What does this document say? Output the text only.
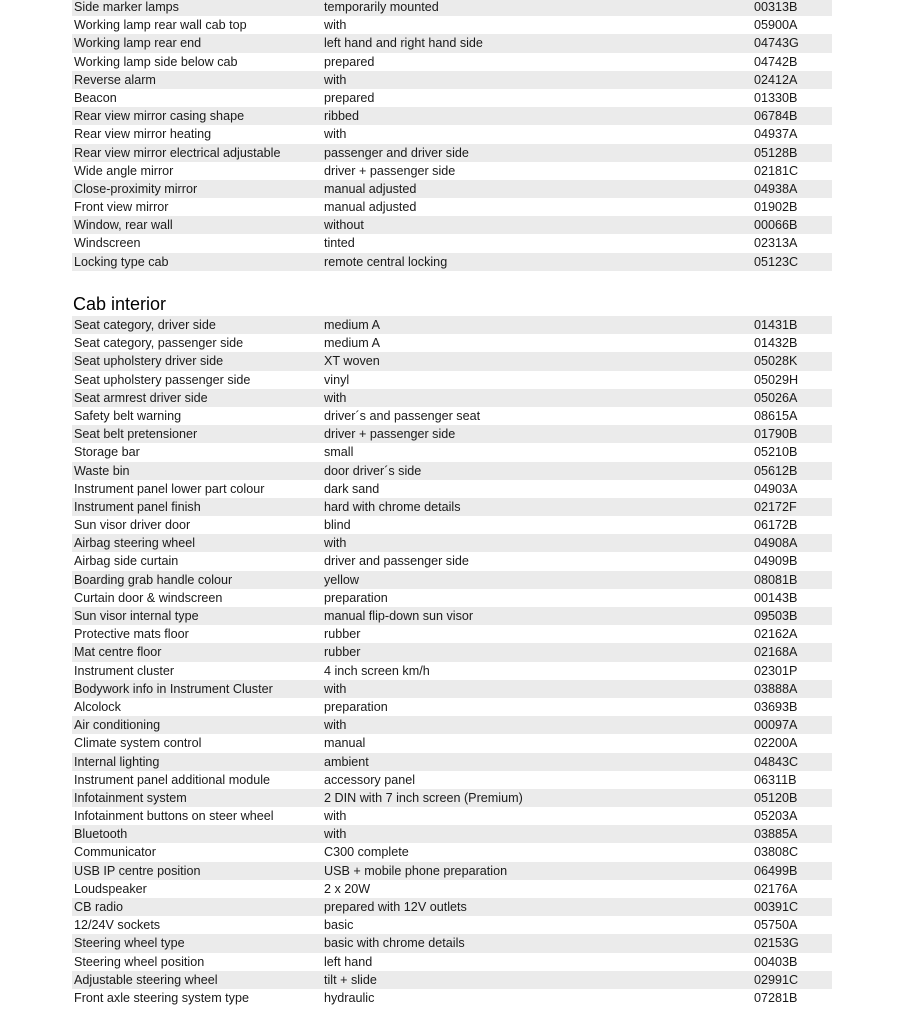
Side marker lamps	temporarily mounted	00313B
Working lamp rear wall cab top	with	05900A
Working lamp rear end	left hand and right hand side	04743G
Working lamp side below cab	prepared	04742B
Reverse alarm	with	02412A
Beacon	prepared	01330B
Rear view mirror casing shape	ribbed	06784B
Rear view mirror heating	with	04937A
Rear view mirror electrical adjustable	passenger and driver side	05128B
Wide angle mirror	driver + passenger side	02181C
Close-proximity mirror	manual adjusted	04938A
Front view mirror	manual adjusted	01902B
Window, rear wall	without	00066B
Windscreen	tinted	02313A
Locking type cab	remote central locking	05123C
Cab interior
Seat category, driver side	medium A	01431B
Seat category, passenger side	medium A	01432B
Seat upholstery driver side	XT woven	05028K
Seat upholstery passenger side	vinyl	05029H
Seat armrest driver side	with	05026A
Safety belt warning	driver´s and passenger seat	08615A
Seat belt pretensioner	driver + passenger side	01790B
Storage bar	small	05210B
Waste bin	door driver´s side	05612B
Instrument panel lower part colour	dark sand	04903A
Instrument panel finish	hard with chrome details	02172F
Sun visor driver door	blind	06172B
Airbag steering wheel	with	04908A
Airbag side curtain	driver and passenger side	04909B
Boarding grab handle colour	yellow	08081B
Curtain door & windscreen	preparation	00143B
Sun visor internal type	manual flip-down sun visor	09503B
Protective mats floor	rubber	02162A
Mat centre floor	rubber	02168A
Instrument cluster	4 inch screen km/h	02301P
Bodywork info in Instrument Cluster	with	03888A
Alcolock	preparation	03693B
Air conditioning	with	00097A
Climate system control	manual	02200A
Internal lighting	ambient	04843C
Instrument panel additional module	accessory panel	06311B
Infotainment system	2 DIN with 7 inch screen (Premium)	05120B
Infotainment buttons on steer wheel	with	05203A
Bluetooth	with	03885A
Communicator	C300 complete	03808C
USB IP centre position	USB + mobile phone preparation	06499B
Loudspeaker	2 x 20W	02176A
CB radio	prepared with 12V outlets	00391C
12/24V sockets	basic	05750A
Steering wheel type	basic with chrome details	02153G
Steering wheel position	left hand	00403B
Adjustable steering wheel	tilt + slide	02991C
Front axle steering system type	hydraulic	07281B
